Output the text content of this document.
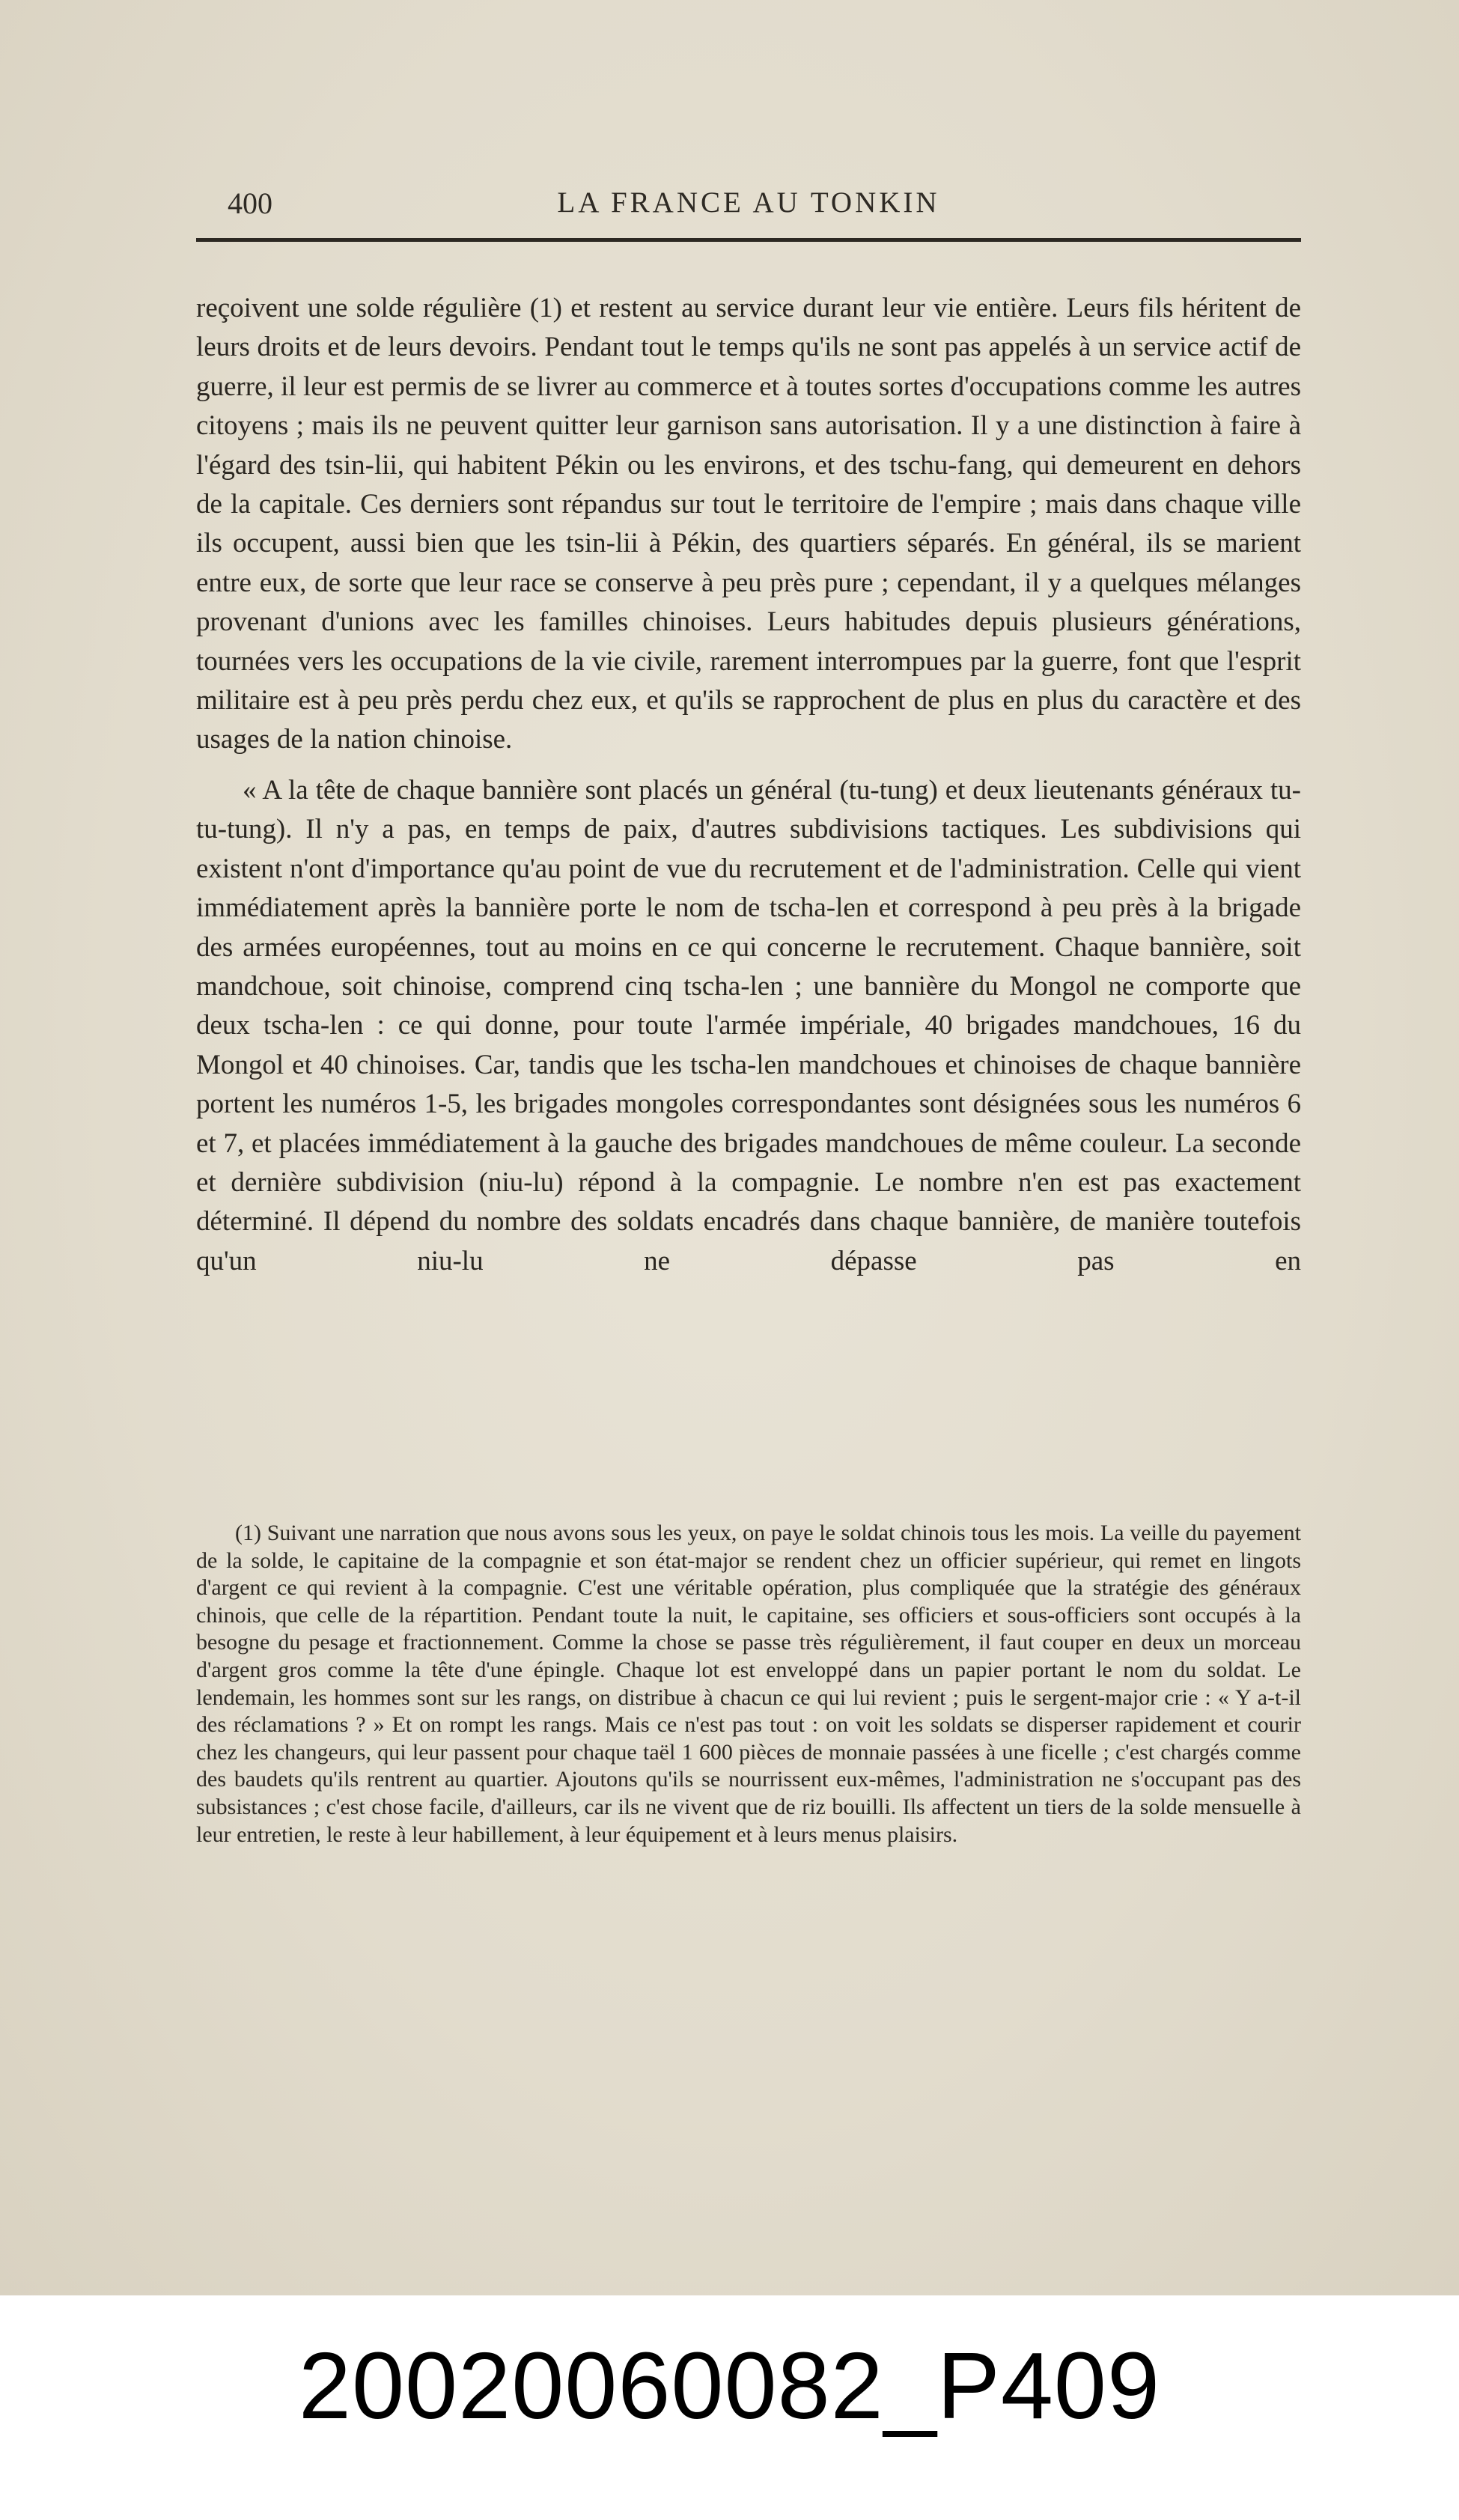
400	LA FRANCE AU TONKIN

reçoivent une solde régulière (1) et restent au service durant leur vie entière. Leurs fils héritent de leurs droits et de leurs devoirs. Pendant tout le temps qu'ils ne sont pas appelés à un service actif de guerre, il leur est permis de se livrer au commerce et à toutes sortes d'occupations comme les autres citoyens ; mais ils ne peuvent quitter leur garnison sans autorisation. Il y a une distinction à faire à l'égard des tsin-lii, qui habitent Pékin ou les environs, et des tschu-fang, qui demeurent en dehors de la capitale. Ces derniers sont répandus sur tout le territoire de l'empire ; mais dans chaque ville ils occupent, aussi bien que les tsin-lii à Pékin, des quartiers séparés. En général, ils se marient entre eux, de sorte que leur race se conserve à peu près pure ; cependant, il y a quelques mélanges provenant d'unions avec les familles chinoises. Leurs habitudes depuis plusieurs générations, tournées vers les occupations de la vie civile, rarement interrompues par la guerre, font que l'esprit militaire est à peu près perdu chez eux, et qu'ils se rapprochent de plus en plus du caractère et des usages de la nation chinoise.

« A la tête de chaque bannière sont placés un général (tu-tung) et deux lieutenants généraux tu-tu-tung). Il n'y a pas, en temps de paix, d'autres subdivisions tactiques. Les subdivisions qui existent n'ont d'importance qu'au point de vue du recrutement et de l'administration. Celle qui vient immédiatement après la bannière porte le nom de tscha-len et correspond à peu près à la brigade des armées européennes, tout au moins en ce qui concerne le recrutement. Chaque bannière, soit mandchoue, soit chinoise, comprend cinq tscha-len ; une bannière du Mongol ne comporte que deux tscha-len : ce qui donne, pour toute l'armée impériale, 40 brigades mandchoues, 16 du Mongol et 40 chinoises. Car, tandis que les tscha-len mandchoues et chinoises de chaque bannière portent les numéros 1-5, les brigades mongoles correspondantes sont désignées sous les numéros 6 et 7, et placées immédiatement à la gauche des brigades mandchoues de même couleur. La seconde et dernière subdivision (niu-lu) répond à la compagnie. Le nombre n'en est pas exactement déterminé. Il dépend du nombre des soldats encadrés dans chaque bannière, de manière toutefois qu'un niu-lu ne dépasse pas en

(1) Suivant une narration que nous avons sous les yeux, on paye le soldat chinois tous les mois. La veille du payement de la solde, le capitaine de la compagnie et son état-major se rendent chez un officier supérieur, qui remet en lingots d'argent ce qui revient à la compagnie. C'est une véritable opération, plus compliquée que la stratégie des généraux chinois, que celle de la répartition. Pendant toute la nuit, le capitaine, ses officiers et sous-officiers sont occupés à la besogne du pesage et fractionnement. Comme la chose se passe très régulièrement, il faut couper en deux un morceau d'argent gros comme la tête d'une épingle. Chaque lot est enveloppé dans un papier portant le nom du soldat. Le lendemain, les hommes sont sur les rangs, on distribue à chacun ce qui lui revient ; puis le sergent-major crie : « Y a-t-il des réclamations ? » Et on rompt les rangs. Mais ce n'est pas tout : on voit les soldats se disperser rapidement et courir chez les changeurs, qui leur passent pour chaque taël 1 600 pièces de monnaie passées à une ficelle ; c'est chargés comme des baudets qu'ils rentrent au quartier. Ajoutons qu'ils se nourrissent eux-mêmes, l'administration ne s'occupant pas des subsistances ; c'est chose facile, d'ailleurs, car ils ne vivent que de riz bouilli. Ils affectent un tiers de la solde mensuelle à leur entretien, le reste à leur habillement, à leur équipement et à leurs menus plaisirs.

20020060082_P409
